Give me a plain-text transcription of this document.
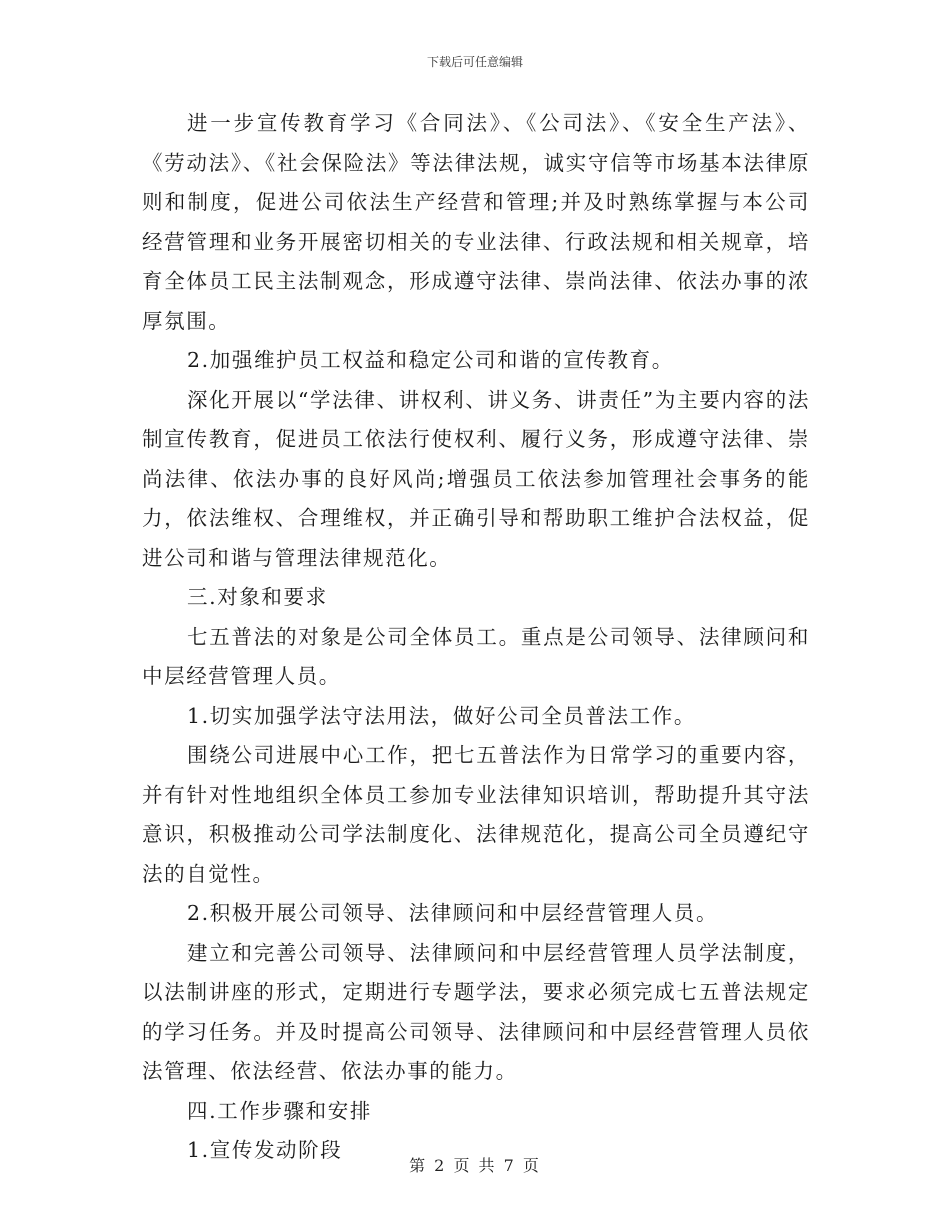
下载后可任意编辑

进一步宣传教育学习《合同法》、《公司法》、《安全生产法》、《劳动法》、《社会保险法》等法律法规，诚实守信等市场基本法律原则和制度，促进公司依法生产经营和管理;并及时熟练掌握与本公司经营管理和业务开展密切相关的专业法律、行政法规和相关规章，培育全体员工民主法制观念，形成遵守法律、崇尚法律、依法办事的浓厚氛围。

2.加强维护员工权益和稳定公司和谐的宣传教育。

深化开展以“学法律、讲权利、讲义务、讲责任”为主要内容的法制宣传教育，促进员工依法行使权利、履行义务，形成遵守法律、崇尚法律、依法办事的良好风尚;增强员工依法参加管理社会事务的能力，依法维权、合理维权，并正确引导和帮助职工维护合法权益，促进公司和谐与管理法律规范化。

三.对象和要求

七五普法的对象是公司全体员工。重点是公司领导、法律顾问和中层经营管理人员。

1.切实加强学法守法用法，做好公司全员普法工作。

围绕公司进展中心工作，把七五普法作为日常学习的重要内容，并有针对性地组织全体员工参加专业法律知识培训，帮助提升其守法意识，积极推动公司学法制度化、法律规范化，提高公司全员遵纪守法的自觉性。

2.积极开展公司领导、法律顾问和中层经营管理人员。

建立和完善公司领导、法律顾问和中层经营管理人员学法制度，以法制讲座的形式，定期进行专题学法，要求必须完成七五普法规定的学习任务。并及时提高公司领导、法律顾问和中层经营管理人员依法管理、依法经营、依法办事的能力。

四.工作步骤和安排

1.宣传发动阶段

第 2 页 共 7 页
